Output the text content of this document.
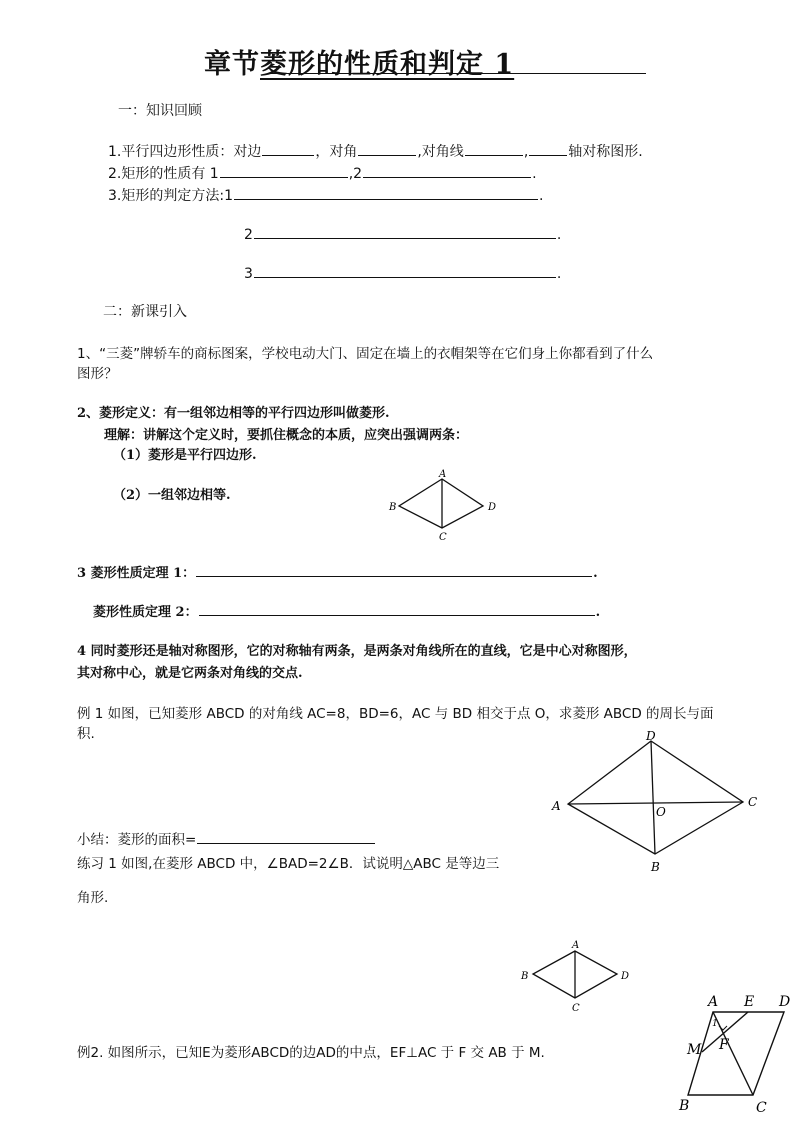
章节菱形的性质和判定 1
一：知识回顾
1.平行四边形性质：对边	，对角	,对角线	,	轴对称图形.
2.矩形的性质有 1	,2	.
3.矩形的判定方法:1	.
2	.
3	.
二：新课引入
1、“三菱”牌轿车的商标图案，学校电动大门、固定在墙上的衣帽架等在它们身上你都看到了什么
图形？
2、菱形定义：有一组邻边相等的平行四边形叫做菱形.
理解：讲解这个定义时，要抓住概念的本质，应突出强调两条：
（1）菱形是平行四边形.
（2）一组邻边相等.
A
B
C
D
3 菱形性质定理 1：	.
菱形性质定理 2：	.
4 同时菱形还是轴对称图形，它的对称轴有两条，是两条对角线所在的直线，它是中心对称图形，
其对称中心，就是它两条对角线的交点.
例 1 如图，已知菱形 ABCD 的对角线 AC=8，BD=6，AC 与 BD 相交于点 O，求菱形 ABCD 的周长与面
积.	D
A	C
B
O
小结：菱形的面积=
练习 1 如图,在菱形 ABCD 中，∠BAD=2∠B．试说明△ABC 是等边三
角形.
A
B
C
D
例2. 如图所示，已知E为菱形ABCD的边AD的中点，EF⊥AC 于 F 交 AB 于 M.
A E D
M F
1
B	C
